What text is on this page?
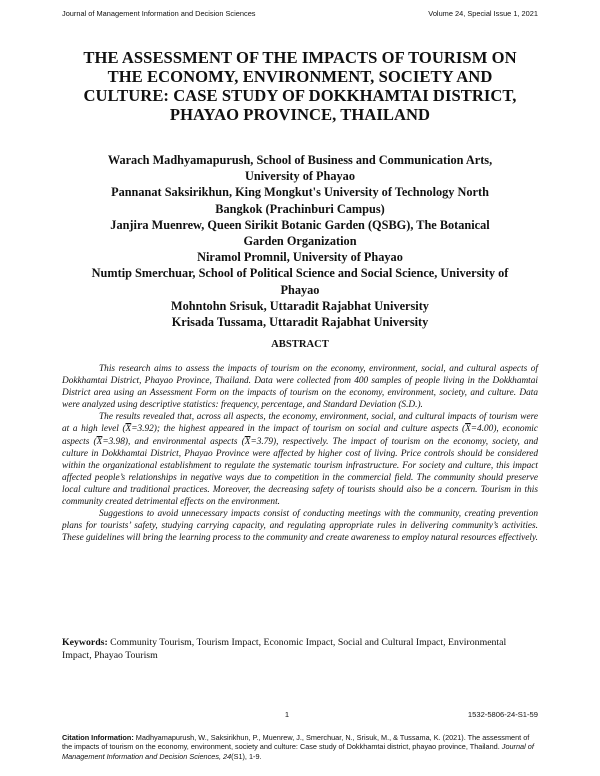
Journal of Management Information and Decision Sciences	Volume 24, Special Issue 1, 2021
THE ASSESSMENT OF THE IMPACTS OF TOURISM ON
THE ECONOMY, ENVIRONMENT, SOCIETY AND
CULTURE: CASE STUDY OF DOKKHAMTAI DISTRICT,
PHAYAO PROVINCE, THAILAND
Warach Madhyamapurush, School of Business and Communication Arts,
University of Phayao
Pannanat Saksirikhun, King Mongkut's University of Technology North
Bangkok (Prachinburi Campus)
Janjira Muenrew, Queen Sirikit Botanic Garden (QSBG), The Botanical
Garden Organization
Niramol Promnil, University of Phayao
Numtip Smerchuar, School of Political Science and Social Science, University of
Phayao
Mohntohn Srisuk, Uttaradit Rajabhat University
Krisada Tussama, Uttaradit Rajabhat University
ABSTRACT

This research aims to assess the impacts of tourism on the economy, environment, social, and cultural aspects of Dokkhamtai District, Phayao Province, Thailand. Data were collected from 400 samples of people living in the Dokkhamtai District area using an Assessment Form on the impacts of tourism on the economy, environment, society, and culture. Data were analyzed using descriptive statistics: frequency, percentage, and Standard Deviation (S.D.).

The results revealed that, across all aspects, the economy, environment, social, and cultural impacts of tourism were at a high level $(\overline{X}=3.92)$; the highest appeared in the impact of tourism on social and culture aspects $(\overline{X}=4.00)$, economic aspects $(\overline{X}=3.98)$, and environmental aspects $(\overline{X}=3.79)$, respectively. The impact of tourism on the economy, society, and culture in Dokkhamtai District, Phayao Province were affected by higher cost of living. Price controls should be considered within the organizational establishment to regulate the systematic tourism infrastructure. For society and culture, this impact affected people’s relationships in negative ways due to competition in the commercial field. The community should preserve local culture and traditional practices. Moreover, the decreasing safety of tourists should also be a concern. Tourism in this community created detrimental effects on the environment.

Suggestions to avoid unnecessary impacts consist of conducting meetings with the community, creating prevention plans for tourists’ safety, studying carrying capacity, and regulating appropriate rules in delivering community’s activities. These guidelines will bring the learning process to the community and create awareness to employ natural resources effectively.

Keywords: Community Tourism, Tourism Impact, Economic Impact, Social and Cultural Impact, Environmental Impact, Phayao Tourism
1	1532-5806-24-S1-59
Citation Information: Madhyamapurush, W., Saksirikhun, P., Muenrew, J., Smerchuar, N., Srisuk, M., & Tussama, K. (2021). The assessment of the impacts of tourism on the economy, environment, society and culture: Case study of Dokkhamtai district, phayao province, Thailand. Journal of Management Information and Decision Sciences, 24(S1), 1-9.
